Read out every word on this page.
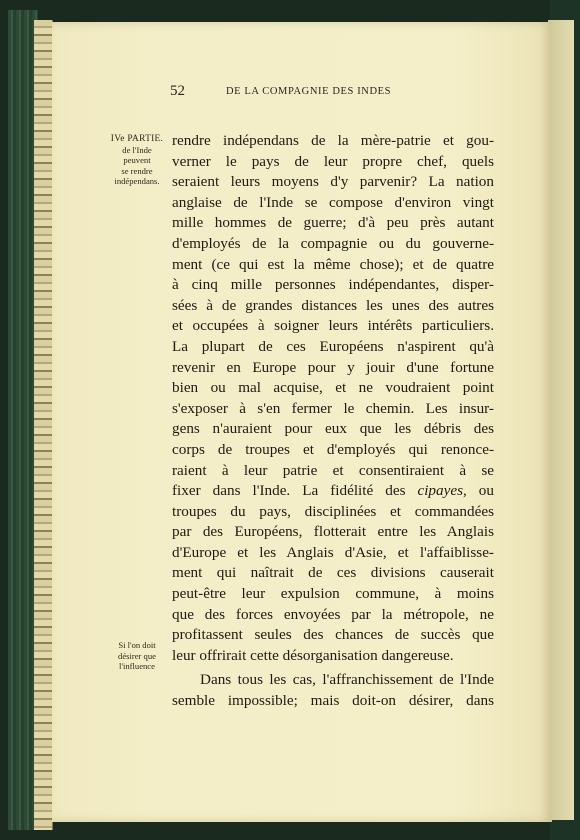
52	DE LA COMPAGNIE DES INDES
IVe PARTIE.
de l'Inde
peuvent
se rendre
indépendans.
Si l'on doit
désirer que
l'influence
rendre indépendans de la mère-patrie et gou-
verner le pays de leur propre chef, quels
seraient leurs moyens d'y parvenir? La nation
anglaise de l'Inde se compose d'environ vingt
mille hommes de guerre; d'à peu près autant
d'employés de la compagnie ou du gouverne-
ment (ce qui est la même chose); et de quatre
à cinq mille personnes indépendantes, disper-
sées à de grandes distances les unes des autres
et occupées à soigner leurs intérêts particuliers.
La plupart de ces Européens n'aspirent qu'à
revenir en Europe pour y jouir d'une fortune
bien ou mal acquise, et ne voudraient point
s'exposer à s'en fermer le chemin. Les insur-
gens n'auraient pour eux que les débris des
corps de troupes et d'employés qui renonce-
raient à leur patrie et consentiraient à se
fixer dans l'Inde. La fidélité des cipayes, ou
troupes du pays, disciplinées et commandées
par des Européens, flotterait entre les Anglais
d'Europe et les Anglais d'Asie, et l'affaiblisse-
ment qui naîtrait de ces divisions causerait
peut-être leur expulsion commune, à moins
que des forces envoyées par la métropole, ne
profitassent seules des chances de succès que
leur offrirait cette désorganisation dangereuse.
Dans tous les cas, l'affranchissement de l'Inde
semble impossible; mais doit-on désirer, dans
